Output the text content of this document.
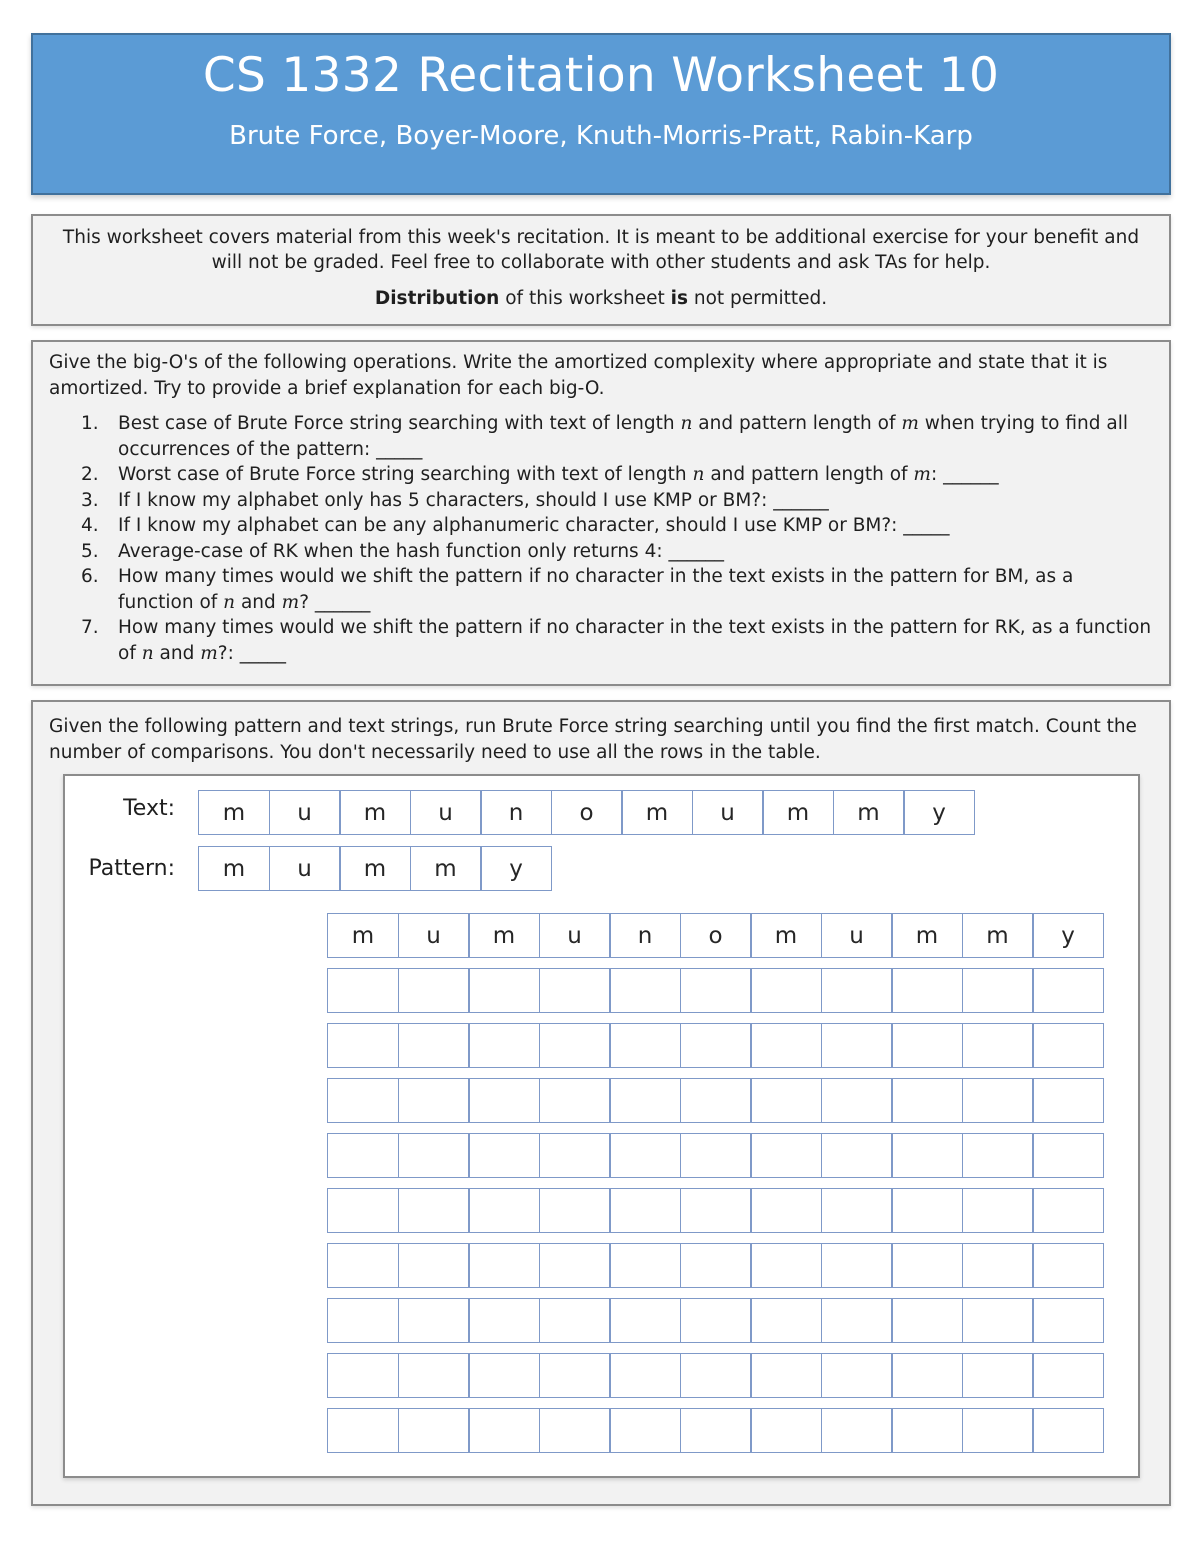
CS 1332 Recitation Worksheet 10
Brute Force, Boyer-Moore, Knuth-Morris-Pratt, Rabin-Karp
This worksheet covers material from this week's recitation. It is meant to be additional exercise for your benefit and will not be graded. Feel free to collaborate with other students and ask TAs for help.
Distribution of this worksheet is not permitted.
Give the big-O's of the following operations. Write the amortized complexity where appropriate and state that it is amortized. Try to provide a brief explanation for each big-O.
1.	Best case of Brute Force string searching with text of length n and pattern length of m when trying to find all occurrences of the pattern: _____
2.	Worst case of Brute Force string searching with text of length n and pattern length of m: ______
3.	If I know my alphabet only has 5 characters, should I use KMP or BM?: ______
4.	If I know my alphabet can be any alphanumeric character, should I use KMP or BM?: _____
5.	Average-case of RK when the hash function only returns 4: ______
6.	How many times would we shift the pattern if no character in the text exists in the pattern for BM, as a function of n and m? ______
7.	How many times would we shift the pattern if no character in the text exists in the pattern for RK, as a function of n and m?: _____
Given the following pattern and text strings, run Brute Force string searching until you find the first match. Count the number of comparisons. You don't necessarily need to use all the rows in the table.
Text:	m	u	m	u	n	o	m	u	m	m	y
Pattern:	m	u	m	m	y
m	u	m	u	n	o	m	u	m	m	y
